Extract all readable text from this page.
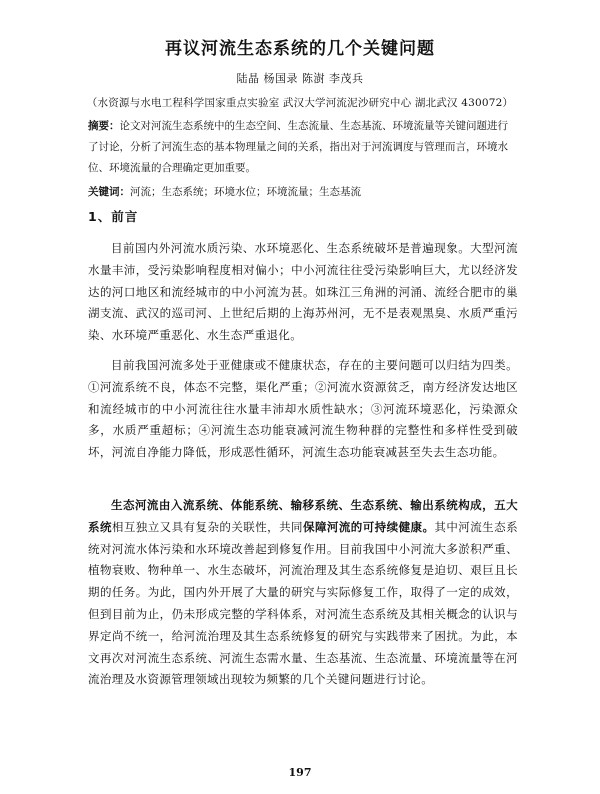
再议河流生态系统的几个关键问题
陆晶 杨国录 陈澍 李茂兵
（水资源与水电工程科学国家重点实验室 武汉大学河流泥沙研究中心 湖北武汉 430072）
摘要：论文对河流生态系统中的生态空间、生态流量、生态基流、环境流量等关键问题进行了讨论，分析了河流生态的基本物理量之间的关系，指出对于河流调度与管理而言，环境水位、环境流量的合理确定更加重要。
关键词：河流；生态系统；环境水位；环境流量；生态基流
1、前言
目前国内外河流水质污染、水环境恶化、生态系统破坏是普遍现象。大型河流水量丰沛，受污染影响程度相对偏小；中小河流往往受污染影响巨大，尤以经济发达的河口地区和流经城市的中小河流为甚。如珠江三角洲的河涌、流经合肥市的巢湖支流、武汉的巡司河、上世纪后期的上海苏州河，无不是表观黑臭、水质严重污染、水环境严重恶化、水生态严重退化。
目前我国河流多处于亚健康或不健康状态，存在的主要问题可以归结为四类。①河流系统不良，体态不完整，渠化严重；②河流水资源贫乏，南方经济发达地区和流经城市的中小河流往往水量丰沛却水质性缺水；③河流环境恶化，污染源众多，水质严重超标；④河流生态功能衰减河流生物种群的完整性和多样性受到破坏，河流自净能力降低，形成恶性循环，河流生态功能衰减甚至失去生态功能。
生态河流由入流系统、体能系统、输移系统、生态系统、输出系统构成，五大系统相互独立又具有复杂的关联性，共同保障河流的可持续健康。其中河流生态系统对河流水体污染和水环境改善起到修复作用。目前我国中小河流大多淤积严重、植物衰败、物种单一、水生态破坏，河流治理及其生态系统修复是迫切、艰巨且长期的任务。为此，国内外开展了大量的研究与实际修复工作，取得了一定的成效，但到目前为止，仍未形成完整的学科体系，对河流生态系统及其相关概念的认识与界定尚不统一，给河流治理及其生态系统修复的研究与实践带来了困扰。为此，本文再次对河流生态系统、河流生态需水量、生态基流、生态流量、环境流量等在河流治理及水资源管理领域出现较为频繁的几个关键问题进行讨论。
197
